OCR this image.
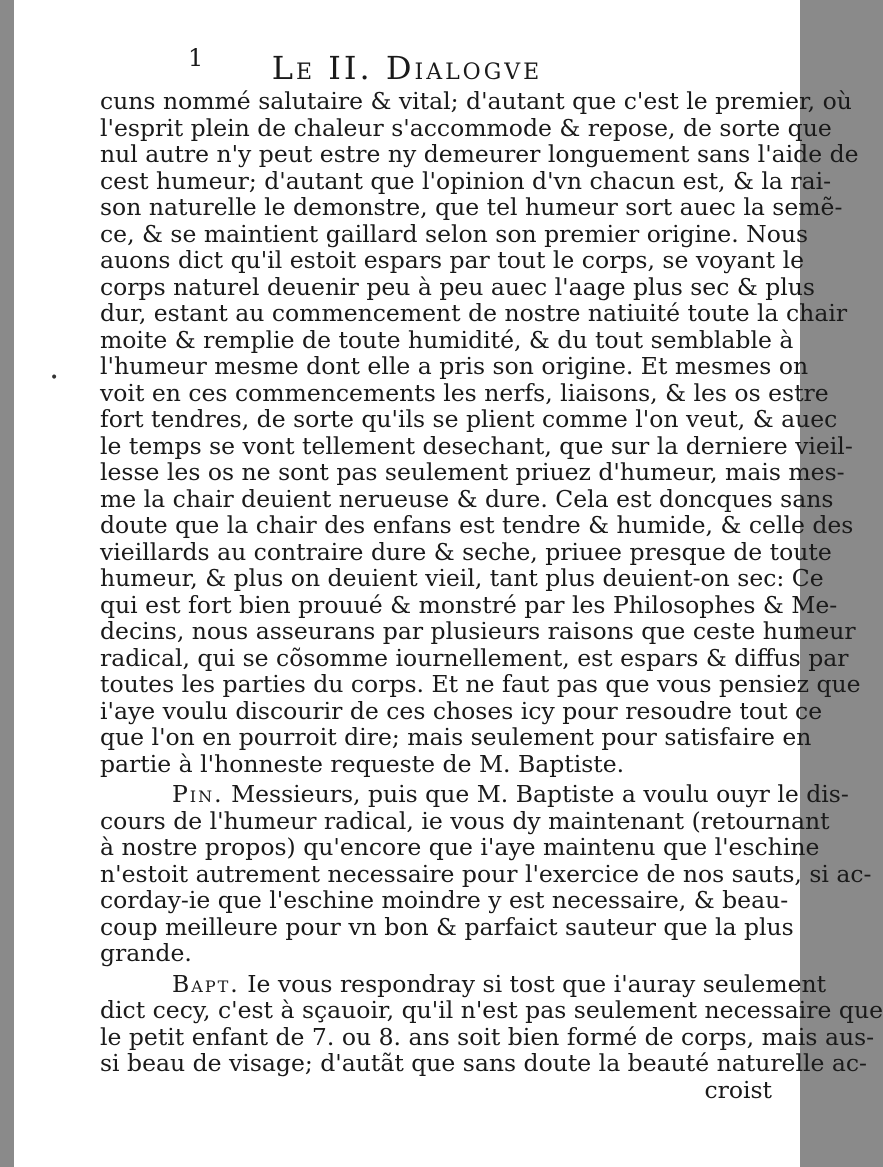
1	Le II. Dialogve
•
cuns nommé salutaire & vital; d'autant que c'est le premier, où
l'esprit plein de chaleur s'accommode & repose, de sorte que
nul autre n'y peut estre ny demeurer longuement sans l'aide de
cest humeur; d'autant que l'opinion d'vn chacun est, & la rai-
son naturelle le demonstre, que tel humeur sort auec la semẽ-
ce, & se maintient gaillard selon son premier origine. Nous
auons dict qu'il estoit espars par tout le corps, se voyant le
corps naturel deuenir peu à peu auec l'aage plus sec & plus
dur, estant au commencement de nostre natiuité toute la chair
moite & remplie de toute humidité, & du tout semblable à
l'humeur mesme dont elle a pris son origine. Et mesmes on
voit en ces commencements les nerfs, liaisons, & les os estre
fort tendres, de sorte qu'ils se plient comme l'on veut, & auec
le temps se vont tellement desechant, que sur la derniere vieil-
lesse les os ne sont pas seulement priuez d'humeur, mais mes-
me la chair deuient nerueuse & dure. Cela est doncques sans
doute que la chair des enfans est tendre & humide, & celle des
vieillards au contraire dure & seche, priuee presque de toute
humeur, & plus on deuient vieil, tant plus deuient-on sec: Ce
qui est fort bien prouué & monstré par les Philosophes & Me-
decins, nous asseurans par plusieurs raisons que ceste humeur
radical, qui se cõsomme iournellement, est espars & diffus par
toutes les parties du corps. Et ne faut pas que vous pensiez que
i'aye voulu discourir de ces choses icy pour resoudre tout ce
que l'on en pourroit dire; mais seulement pour satisfaire en
partie à l'honneste requeste de M. Baptiste.
Pin. Messieurs, puis que M. Baptiste a voulu ouyr le dis-
cours de l'humeur radical, ie vous dy maintenant (retournant
à nostre propos) qu'encore que i'aye maintenu que l'eschine
n'estoit autrement necessaire pour l'exercice de nos sauts, si ac-
corday-ie que l'eschine moindre y est necessaire, & beau-
coup meilleure pour vn bon & parfaict sauteur que la plus
grande.
Bapt. Ie vous respondray si tost que i'auray seulement
dict cecy, c'est à sçauoir, qu'il n'est pas seulement necessaire que
le petit enfant de 7. ou 8. ans soit bien formé de corps, mais aus-
si beau de visage; d'autãt que sans doute la beauté naturelle ac-
croist
